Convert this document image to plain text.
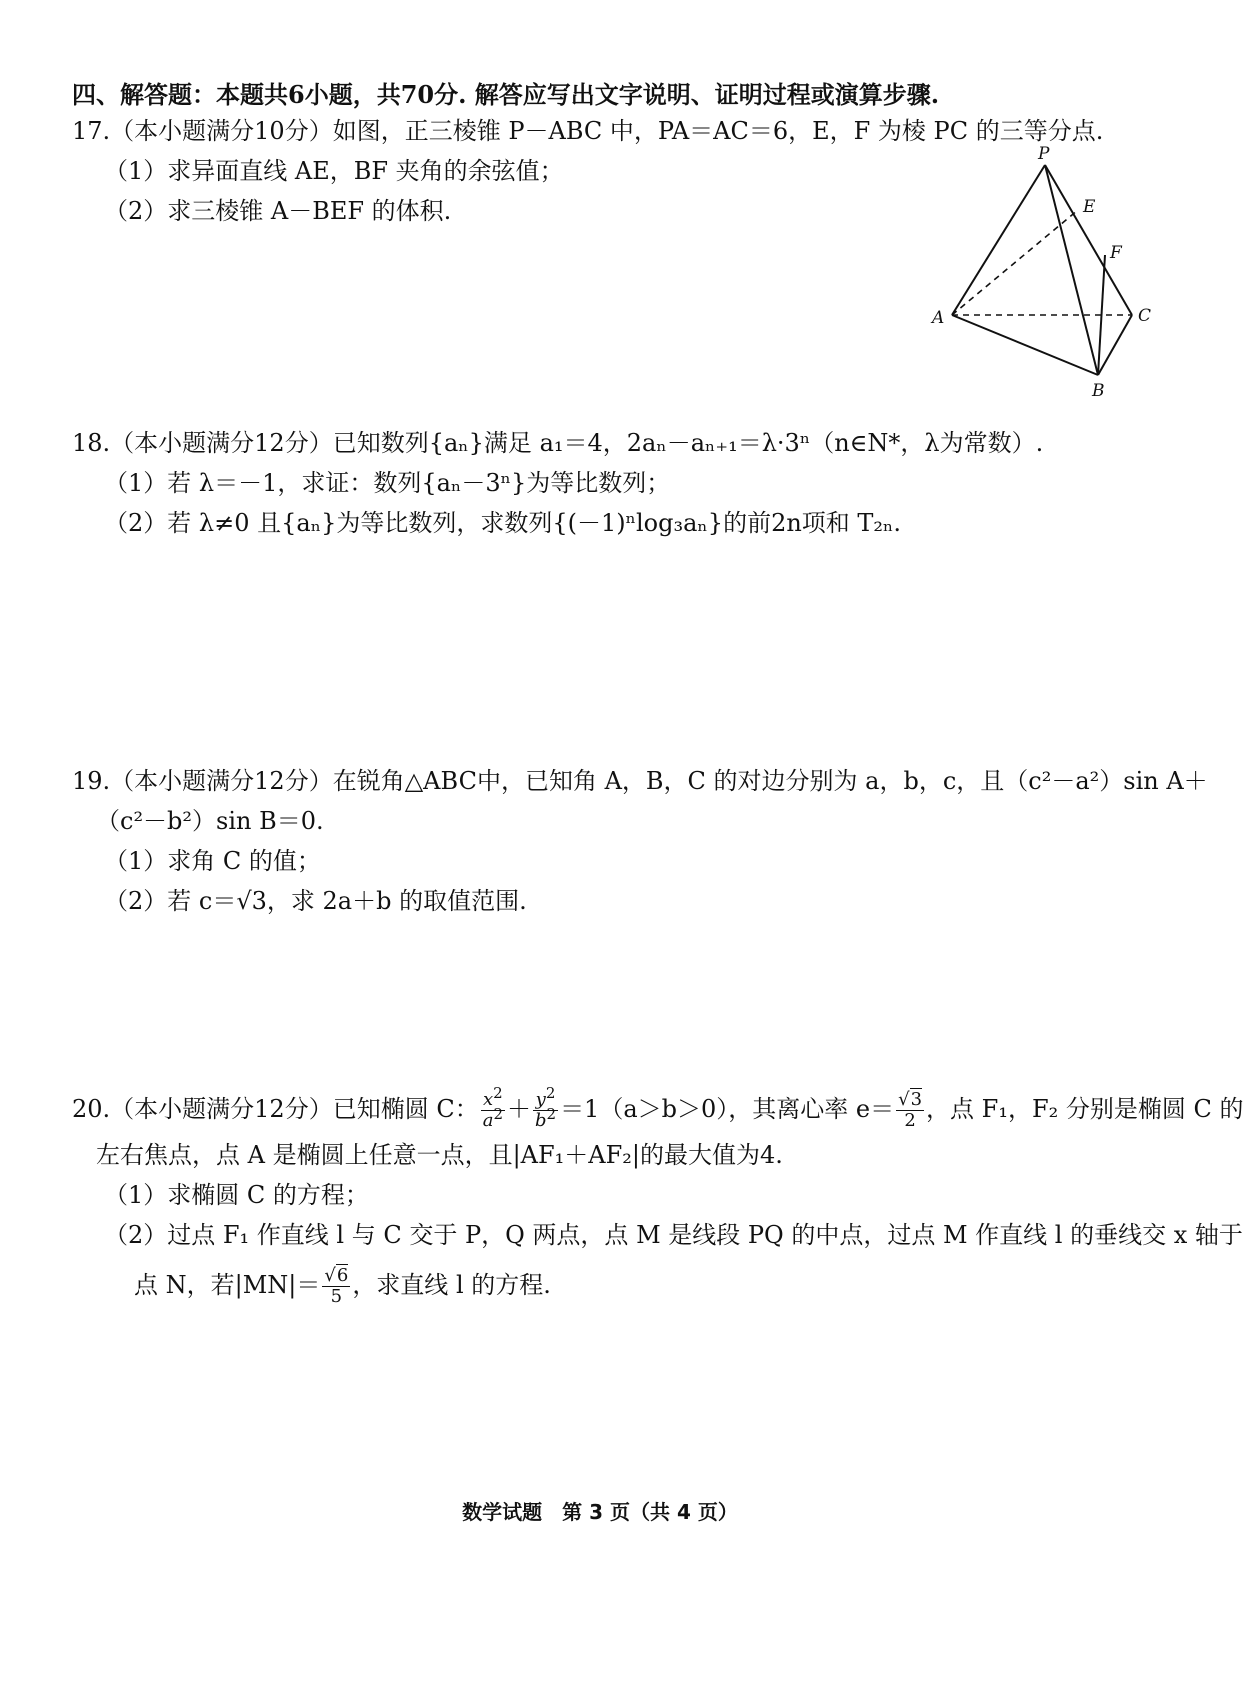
四、解答题：本题共6小题，共70分. 解答应写出文字说明、证明过程或演算步骤.
17.（本小题满分10分）如图，正三棱锥 P－ABC 中，PA＝AC＝6，E，F 为棱 PC 的三等分点.
（1）求异面直线 AE，BF 夹角的余弦值；
（2）求三棱锥 A－BEF 的体积.
P
E
F
A	C
B
18.（本小题满分12分）已知数列{aₙ}满足 a₁＝4，2aₙ－aₙ₊₁＝λ·3ⁿ（n∈N*，λ为常数）.
（1）若 λ＝－1，求证：数列{aₙ－3ⁿ}为等比数列；
（2）若 λ≠0 且{aₙ}为等比数列，求数列{(－1)ⁿlog₃aₙ}的前2n项和 T₂ₙ.
19.（本小题满分12分）在锐角△ABC中，已知角 A，B，C 的对边分别为 a，b，c，且（c²－a²）sin A＋
（c²－b²）sin B＝0.
（1）求角 C 的值；
（2）若 c＝√3，求 2a＋b 的取值范围.
20.（本小题满分12分）已知椭圆 C： $\frac{x^2}{a^2} + \frac{y^2}{b^2} =1(a>b>0)$，其离心率 $e= \frac{√3}{2}$ ，点 F₁，F₂ 分别是椭圆 C 的
左右焦点，点 A 是椭圆上任意一点，且|AF₁＋AF₂|的最大值为4.
（1）求椭圆 C 的方程；
（2）过点 F₁ 作直线 l 与 C 交于 P，Q 两点，点 M 是线段 PQ 的中点，过点 M 作直线 l 的垂线交 x 轴于
点 N，若$|MN|= \frac{√6}{5}$ ，求直线 l 的方程.
数学试题　第 3 页（共 4 页）
